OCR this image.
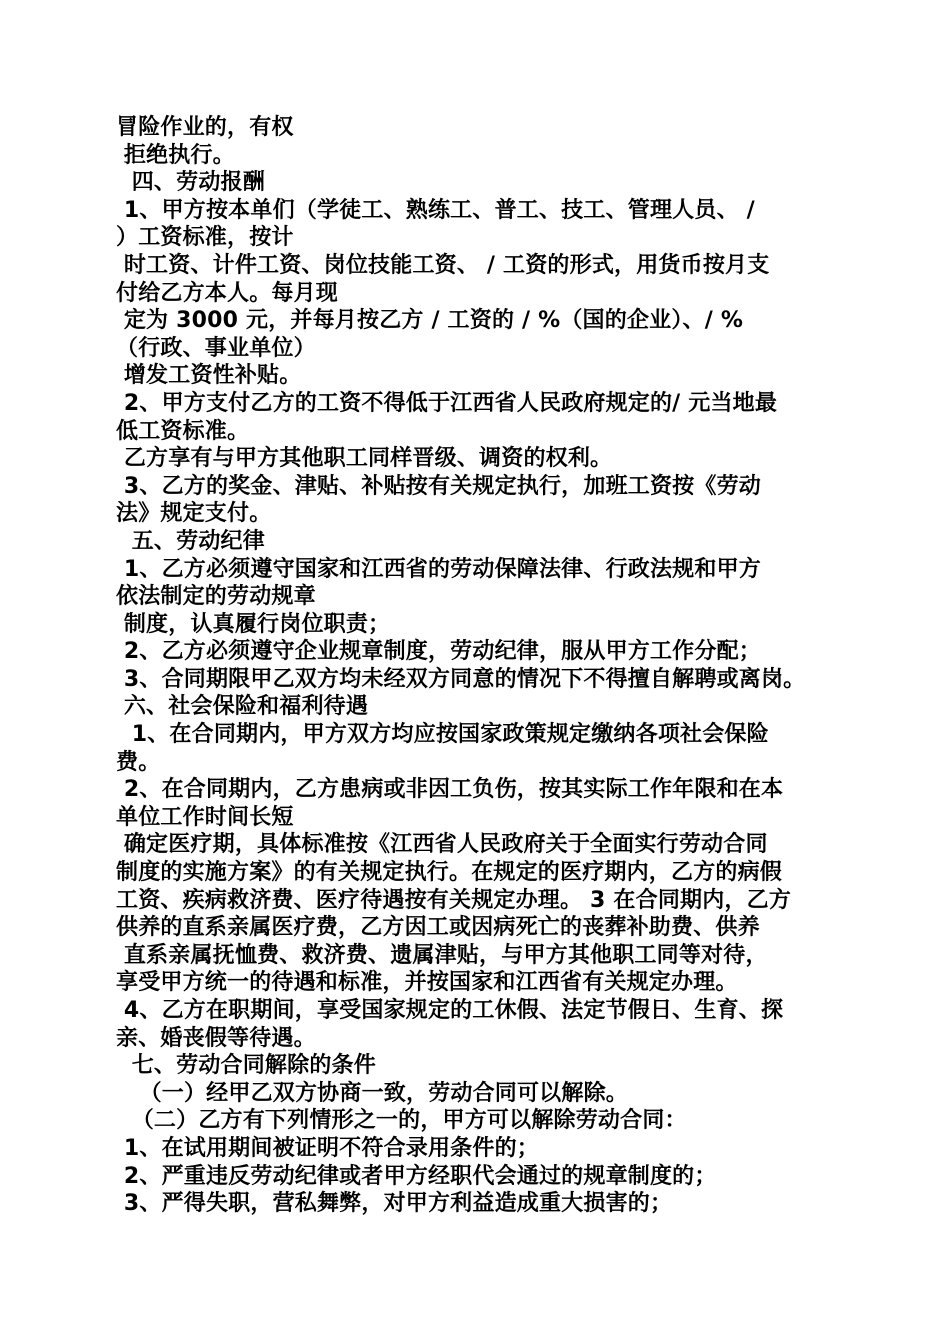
冒险作业的，有权
拒绝执行。
四、劳动报酬
1、甲方按本单们（学徒工、熟练工、普工、技工、管理人员、 /
）工资标准，按计
时工资、计件工资、岗位技能工资、 / 工资的形式，用货币按月支
付给乙方本人。每月现
定为 3000 元，并每月按乙方 / 工资的 / %（国的企业）、/ %
（行政、事业单位）
增发工资性补贴。
2、甲方支付乙方的工资不得低于江西省人民政府规定的/ 元当地最
低工资标准。
乙方享有与甲方其他职工同样晋级、调资的权利。
3、乙方的奖金、津贴、补贴按有关规定执行，加班工资按《劳动
法》规定支付。
五、劳动纪律
1、乙方必须遵守国家和江西省的劳动保障法律、行政法规和甲方
依法制定的劳动规章
制度，认真履行岗位职责；
2、乙方必须遵守企业规章制度，劳动纪律，服从甲方工作分配；
3、合同期限甲乙双方均未经双方同意的情况下不得擅自解聘或离岗。
六、社会保险和福利待遇
1、在合同期内，甲方双方均应按国家政策规定缴纳各项社会保险
费。
2、在合同期内，乙方患病或非因工负伤，按其实际工作年限和在本
单位工作时间长短
确定医疗期，具体标准按《江西省人民政府关于全面实行劳动合同
制度的实施方案》的有关规定执行。在规定的医疗期内，乙方的病假
工资、疾病救济费、医疗待遇按有关规定办理。 3 在合同期内，乙方
供养的直系亲属医疗费，乙方因工或因病死亡的丧葬补助费、供养
直系亲属抚恤费、救济费、遗属津贴，与甲方其他职工同等对待，
享受甲方统一的待遇和标准，并按国家和江西省有关规定办理。
4、乙方在职期间，享受国家规定的工休假、法定节假日、生育、探
亲、婚丧假等待遇。
七、劳动合同解除的条件
（一）经甲乙双方协商一致，劳动合同可以解除。
（二）乙方有下列情形之一的，甲方可以解除劳动合同：
1、在试用期间被证明不符合录用条件的；
2、严重违反劳动纪律或者甲方经职代会通过的规章制度的；
3、严得失职，营私舞弊，对甲方利益造成重大损害的；
